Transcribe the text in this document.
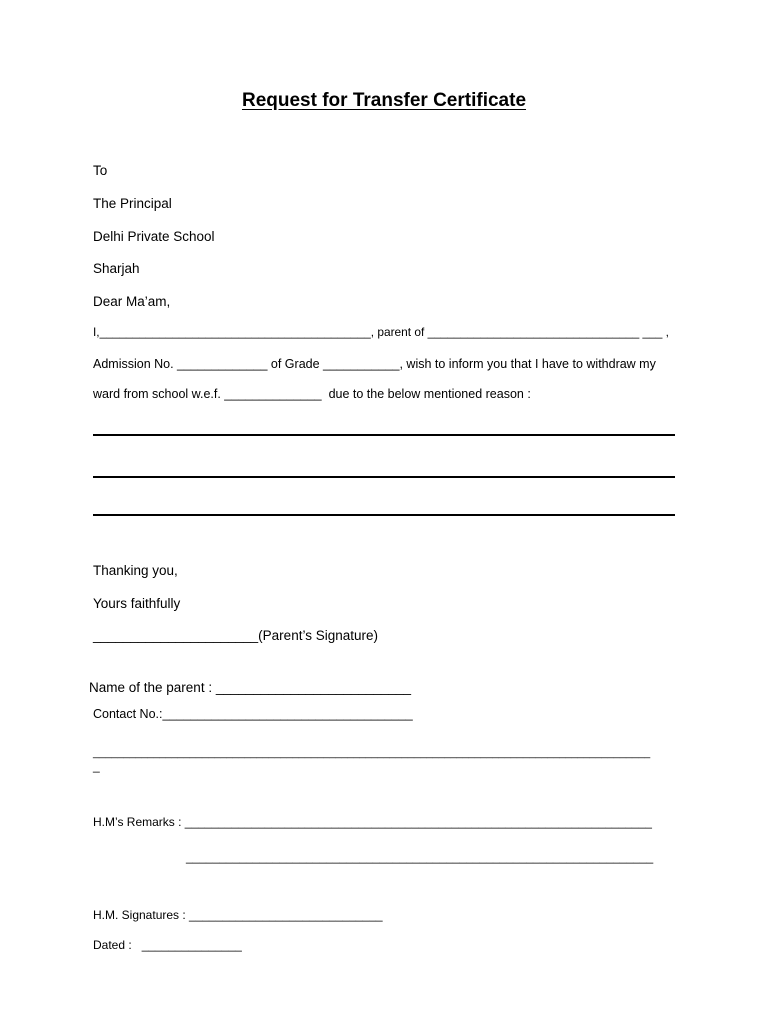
Request for Transfer Certificate
To
The Principal
Delhi Private School
Sharjah
Dear Ma’am,
I,_________________________________________, parent of ________________________________ ___ ,
Admission No. _____________ of Grade ___________, wish to inform you that I have to withdraw my
ward from school w.e.f. ______________  due to the below mentioned reason :
Thanking you,
Yours faithfully
______________________(Parent’s Signature)
Name of the parent : __________________________
Contact No.:____________________________________
____________________________________________________________________________________________
_
H.M’s Remarks : ______________________________________________________________________
______________________________________________________________________
H.M. Signatures : _____________________________
Dated :   _______________
